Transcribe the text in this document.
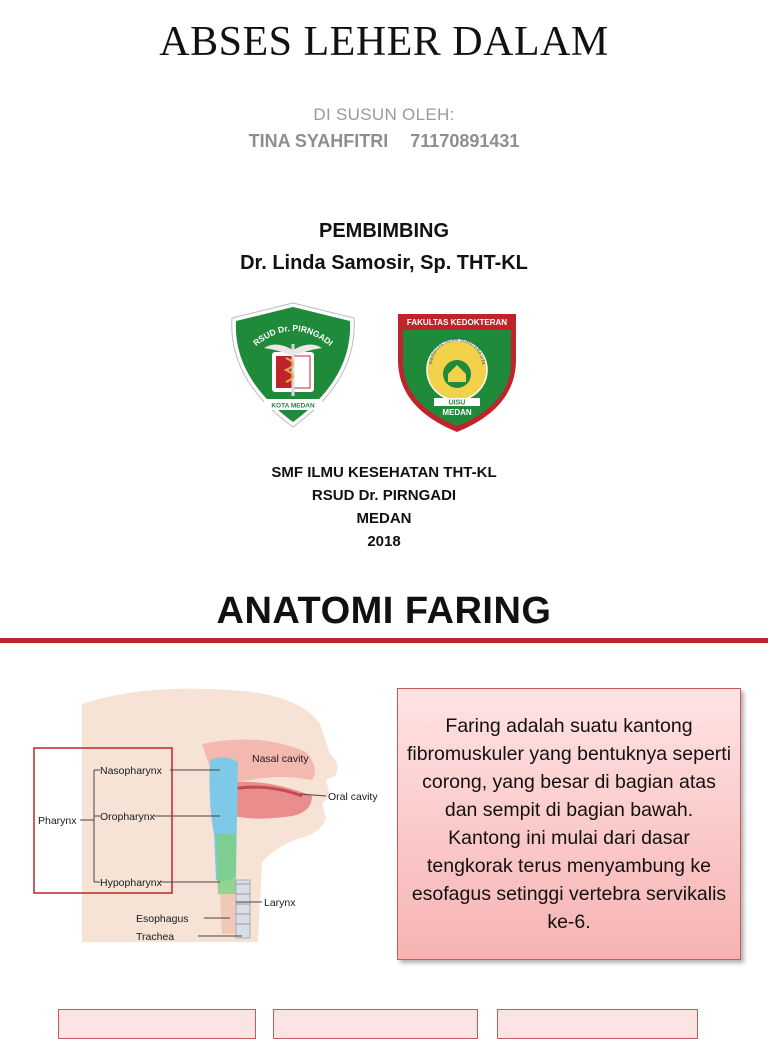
ABSES LEHER DALAM
DI SUSUN OLEH:
TINA SYAHFITRI 71170891431
PEMBIMBING
Dr. Linda Samosir, Sp. THT-KL
RSUD Dr. PIRNGADI
KOTA MEDAN
FAKULTAS KEDOKTERAN
IVERSITAS ISLAM SUMATERA UTA
UISU
MEDAN
SMF ILMU KESEHATAN THT-KL
RSUD Dr. PIRNGADI
MEDAN
2018
ANATOMI FARING
Pharynx
Nasopharynx
Oropharynx
Hypopharynx
Nasal cavity
Oral cavity
Larynx
Esophagus
Trachea

Faring adalah suatu kantong fibromuskuler yang bentuknya seperti corong, yang besar di bagian atas dan sempit di bagian bawah. Kantong ini mulai dari dasar tengkorak terus menyambung ke esofagus setinggi vertebra servikalis ke-6.
